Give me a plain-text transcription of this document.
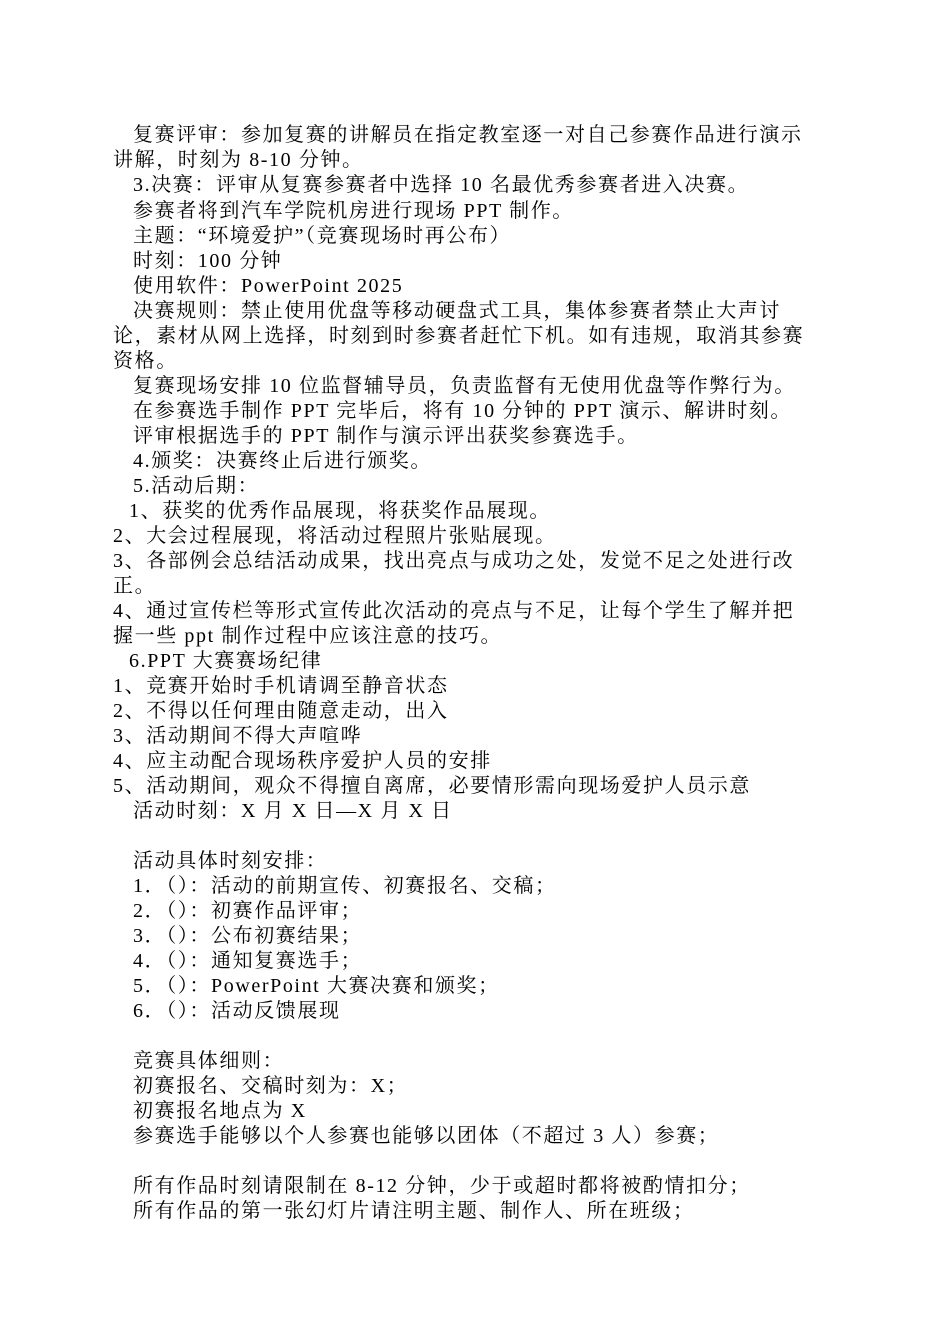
复赛评审：参加复赛的讲解员在指定教室逐一对自己参赛作品进行演示
讲解，时刻为 8-10 分钟。
3.决赛：评审从复赛参赛者中选择 10 名最优秀参赛者进入决赛。
参赛者将到汽车学院机房进行现场 PPT 制作。
主题：“环境爱护”（竞赛现场时再公布）
时刻：100 分钟
使用软件：PowerPoint 2025
决赛规则：禁止使用优盘等移动硬盘式工具，集体参赛者禁止大声讨
论，素材从网上选择，时刻到时参赛者赶忙下机。如有违规，取消其参赛
资格。
复赛现场安排 10 位监督辅导员，负责监督有无使用优盘等作弊行为。
在参赛选手制作 PPT 完毕后，将有 10 分钟的 PPT 演示、解讲时刻。
评审根据选手的 PPT 制作与演示评出获奖参赛选手。
4.颁奖：决赛终止后进行颁奖。
5.活动后期：
1、获奖的优秀作品展现，将获奖作品展现。
2、大会过程展现，将活动过程照片张贴展现。
3、各部例会总结活动成果，找出亮点与成功之处，发觉不足之处进行改
正。
4、通过宣传栏等形式宣传此次活动的亮点与不足，让每个学生了解并把
握一些 ppt 制作过程中应该注意的技巧。
6.PPT 大赛赛场纪律
1、竞赛开始时手机请调至静音状态
2、不得以任何理由随意走动，出入
3、活动期间不得大声喧哗
4、应主动配合现场秩序爱护人员的安排
5、活动期间，观众不得擅自离席，必要情形需向现场爱护人员示意
活动时刻：X 月 X 日—X 月 X 日
活动具体时刻安排：
1．（）：活动的前期宣传、初赛报名、交稿；
2．（）：初赛作品评审；
3．（）：公布初赛结果；
4．（）：通知复赛选手；
5．（）：PowerPoint 大赛决赛和颁奖；
6．（）：活动反馈展现
竞赛具体细则：
初赛报名、交稿时刻为：X；
初赛报名地点为 X
参赛选手能够以个人参赛也能够以团体（不超过 3 人）参赛；
所有作品时刻请限制在 8-12 分钟，少于或超时都将被酌情扣分；
所有作品的第一张幻灯片请注明主题、制作人、所在班级；
